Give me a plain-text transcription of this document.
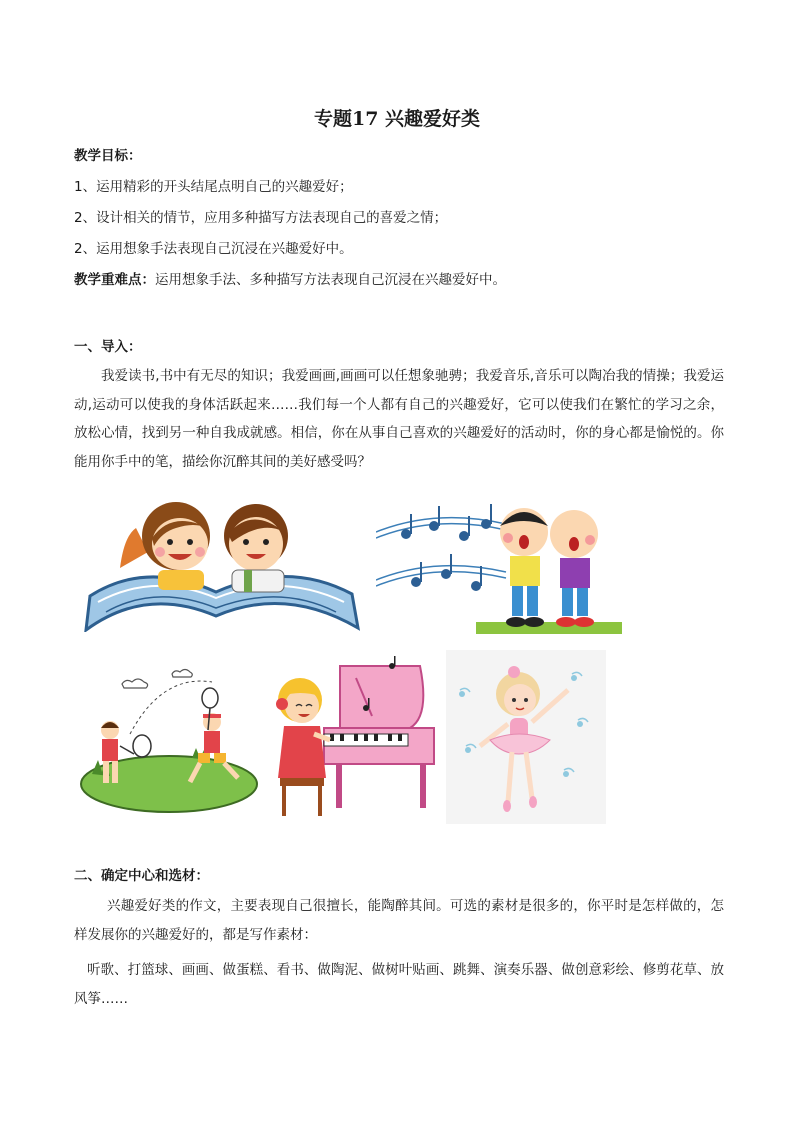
专题17 兴趣爱好类
教学目标：
1、运用精彩的开头结尾点明自己的兴趣爱好；
2、设计相关的情节，应用多种描写方法表现自己的喜爱之情；
2、运用想象手法表现自己沉浸在兴趣爱好中。
教学重难点：运用想象手法、多种描写方法表现自己沉浸在兴趣爱好中。
一、导入：
我爱读书,书中有无尽的知识；我爱画画,画画可以任想象驰骋；我爱音乐,音乐可以陶冶我的情操；我爱运动,运动可以使我的身体活跃起来……我们每一个人都有自己的兴趣爱好，它可以使我们在繁忙的学习之余，放松心情，找到另一种自我成就感。相信，你在从事自己喜欢的兴趣爱好的活动时，你的身心都是愉悦的。你能用你手中的笔，描绘你沉醉其间的美好感受吗？
二、确定中心和选材：
兴趣爱好类的作文，主要表现自己很擅长，能陶醉其间。可选的素材是很多的，你平时是怎样做的，怎样发展你的兴趣爱好的，都是写作素材：
听歌、打篮球、画画、做蛋糕、看书、做陶泥、做树叶贴画、跳舞、演奏乐器、做创意彩绘、修剪花草、放风筝……
